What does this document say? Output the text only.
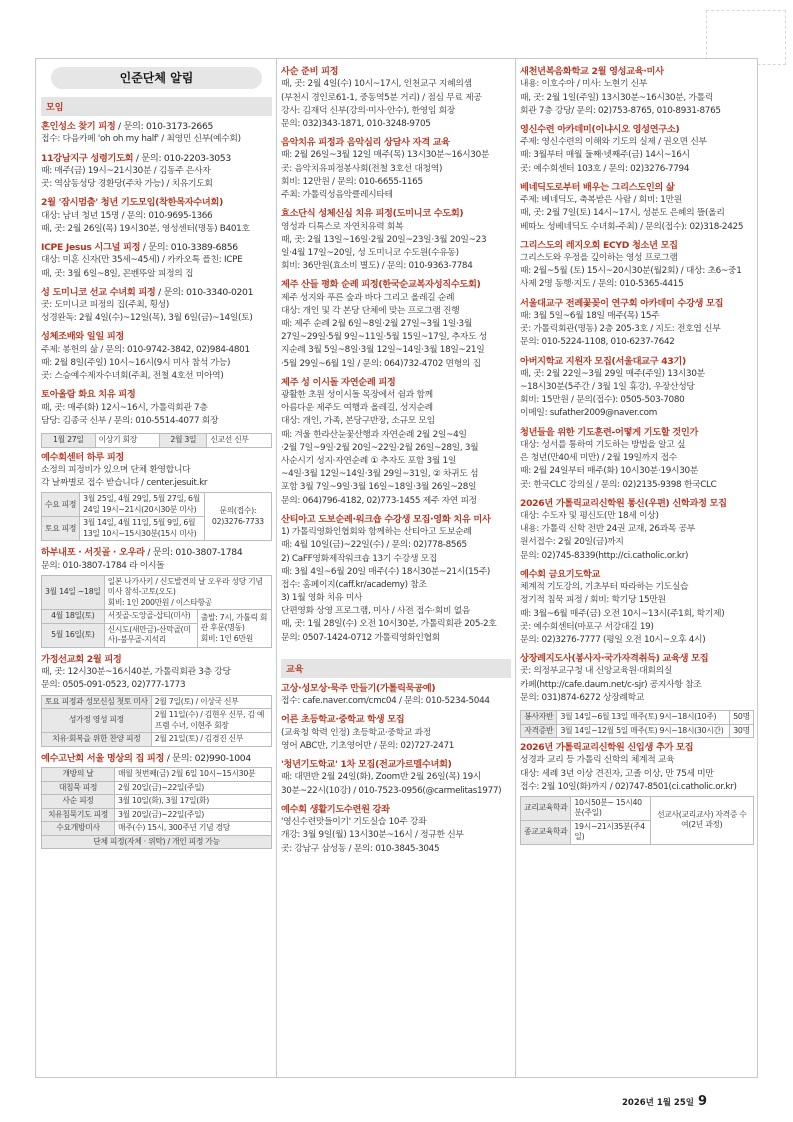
인준단체 알림
모임
혼인성소 찾기 피정 / 문의: 010-3173-2665
접수: 다음카페 'oh oh my half' / 최영민 신부(예수회)
11강남지구 성령기도회 / 문의: 010-2203-3053
때: 매주(금) 19시~21시30분 / 김동주 은사자
곳: 역삼동성당 경환당(주차 가능) / 치유기도회
2월 '잠시멈춤' 청년 기도모임(착한목자수녀회)
대상: 남녀 청년 15명 / 문의: 010-9695-1366
때, 곳: 2월 26일(목) 19시30분, 영성센터(명동) B401호
ICPE Jesus 시그널 피정 / 문의: 010-3389-6856
대상: 미혼 신자(만 35세~45세) / 카카오톡 플친: ICPE
때, 곳: 3월 6일~8일, 꼰벤뚜알 피정의 집
성 도미니코 선교 수녀회 피정 / 문의: 010-3340-0201
곳: 도미니코 피정의 집(주최, 횡성)
성경완독: 2월 4일(수)~12일(목), 3월 6일(금)~14일(토)
성체조배와 일일 피정
주제: 봉헌의 삶 / 문의: 010-9742-3842, 02)984-4801
때: 2월 8일(주일) 10시~16시(9시 미사 참석 가능)
곳: 스승예수제자수녀회(주최, 전철 4호선 미아역)
토아올람 화요 치유 피정
때, 곳: 매주(화) 12시~16시, 가톨릭회관 7층
담당: 김종국 신부 / 문의: 010-5514-4077 회장
1월 27일	이상기 회장	2월 3일	신교선 신부
예수회센터 하루 피정
소정의 피정비가 있으며 단체 환영합니다
각 날짜별로 접수 받습니다 / center.jesuit.kr
수요 피정	3월 25일, 4월 29일, 5월 27일, 6월 24일 19시~21시(20시30분 미사)	문의(접수): 02)3276-7733
토요 피정	3월 14일, 4월 11일, 5월 9일, 6월 13일 10시~15시30분(15시 미사)	
하부내포 · 서짓골 · 오우라 / 문의: 010-3807-1784
문의: 010-3807-1784 라 이시돌
3월 14일 ~18일	일본 나가사키 / 신도발견의 날 오우라 성당 기념미사 참석-고토(오도)
회비: 1인 200만원 / 이스타항공	
4월 18일(토)	서짓골-도앙골-삽티(미사)	출발: 7시, 가톨릭 회관 후문(명동)
회비: 1인 6만원
5월 16일(토)	신시도(새만금)-산막골(미사)-불무골-지석리	
가정선교회 2월 피정
때, 곳: 12시30분~16시40분, 가톨릭회관 3층 강당
문의: 0505-091-0523, 02)777-1773
토요 피정과 성모신심 첫토 미사	2월 7일(토) / 이상국 신부
성가정 영성 피정	2월 11일(수) / 김현우 신부, 김 예프렘 수녀, 이현주 회장
치유·회복을 위한 찬양 피정	2월 21일(토) / 김경진 신부
예수고난회 서울 명상의 집 피정 / 문의: 02)990-1004
개방의 날	매월 첫번째(금) 2월 6일 10시~15시30분
대침묵 피정	2월 20일(금)~22일(주일)
사순 피정	3월 10일(화), 3월 17일(화)
치유침묵기도 피정	3월 20일(금)~22일(주일)
수요개방미사	매주(수) 15시, 300주년 기념 경당
단체 피정(자체 · 위탁) / 개인 피정 가능	
사순 준비 피정
때, 곳: 2월 4일(수) 10시~17시, 인천교구 지혜의샘
(부천시 경인로61-1, 중동역5분 거리) / 점심 무료 제공
강사: 김재덕 신부(강의·미사·안수), 한영임 회장
문의: 032)343-1871, 010-3248-9705
음악치유 피정과 음악심리 상담사 자격 교육
때: 2월 26일~3월 12일 매주(목) 13시30분~16시30분
곳: 음악치유피정봉사회(전철 3호선 대청역)
회비: 12만원 / 문의: 010-6655-1165
주최: 가톨릭성음악클레시타테
효소단식 성체신심 치유 피정(도미니코 수도회)
영성과 디톡스로 자연치유력 회복
때, 곳: 2월 13일~16일·2월 20일~23일·3월 20일~23
일·4월 17일~20일, 성 도미니코 수도원(수유동)
회비: 36만원(효소비 별도) / 문의: 010-9363-7784
제주 산들 평화 순례 피정(한국순교복자성직수도회)
제주 성지와 푸른 숲과 바다 그리고 올레길 순례
대상: 개인 및 각 본당 단체에 맞는 프로그램 진행
때: 제주 순례 2월 6일~8일·2월 27일~3월 1일·3월
27일~29일·5월 9일~11일·5월 15일~17일, 추자도 성
지순례 3월 5일~8일·3월 12일~14일·3월 18일~21일
·5월 29일~6월 1일 / 문의: 064)732-4702 면형의 집
제주 성 이시돌 자연순례 피정
광활한 초원 성이시돌 목장에서 쉼과 함께
아름다운 제주도 여행과 올레길, 성지순례
대상: 개인, 가족, 본당구반장, 소규모 모임
때: 겨울 한라산눈꽃산행과 자연순례 2월 2일~4일
·2월 7일~9일·2월 20일~22일·2월 26일~28일, 3월
사순시기 성지·자연순례 ① 추자도 포함 3월 1일
~4일·3월 12일~14일·3월 29일~31일, ② 차귀도 섬
포함 3월 7일~9일·3월 16일~18일·3월 26일~28일
문의: 064)796-4182, 02)773-1455 제주 자연 피정
산티아고 도보순례·워크숍 수강생 모집·영화 치유 미사
1) 가톨릭영화인협회와 함께하는 산티아고 도보순례
때: 4월 10일(금)~22일(수) / 문의: 02)778-8565
2) CaFF영화제작워크숍 13기 수강생 모집
때: 3월 4일~6월 20일 매주(수) 18시30분~21시(15주)
접수: 홈페이지(caff.kr/academy) 참조
3) 1월 영화 치유 미사
단편영화 상영 프로그램, 미사 / 사전 접수·회비 없음
때, 곳: 1월 28일(수) 오전 10시30분, 가톨릭회관 205-2호
문의: 0507-1424-0712 가톨릭영화인협회
교육
고상·성모상·묵주 만들기(가톨릭묵공예)
접수: cafe.naver.com/cmc04 / 문의: 010-5234-5044
어른 초등학교·중학교 학생 모집
(교육청 학력 인정) 초등학교·중학교 과정
영어 ABC반, 기초영어반 / 문의: 02)727-2471
'청년기도학교' 1차 모집(전교가르멜수녀회)
때: 대면반 2월 24일(화), Zoom반 2월 26일(목) 19시
30분~22시(10강) / 010-7523-0956(@carmelitas1977)
예수회 생활기도수련원 강좌
'영신수련맛들이기' 기도실습 10주 강좌
개강: 3월 9일(월) 13시30분~16시 / 정규한 신부
곳: 강남구 삼성동 / 문의: 010-3845-3045
새천년복음화학교 2월 영성교육·미사
내용: 이호수아 / 미사: 노현기 신부
때, 곳: 2월 1일(주일) 13시30분~16시30분, 가톨릭
회관 7층 강당/ 문의: 02)753-8765, 010-8931-8765
영신수련 아카데미(이냐시오 영성연구소)
주제: 영신수련의 이해와 기도의 실제 / 권오면 신부
때: 3월부터 매월 둘째·넷째주(금) 14시~16시
곳: 예수회센터 103호 / 문의: 02)3276-7794
베네딕도로부터 배우는 그리스도인의 삶
주제: 베네딕도, 축복받은 사람 / 회비: 1만원
때, 곳: 2월 7일(토) 14시~17시, 성분도 은혜의 뜰(올리
베따노 성베네딕도 수녀회-주최) / 문의(접수): 02)318-2425
그리스도의 레지오회 ECYD 청소년 모집
그리스도와 우정을 깊이하는 영성 프로그램
때: 2월~5월 (토) 15시~20시30분(월2회) / 대상: 초6~중1
사제 2명 동행·지도 / 문의: 010-5365-4415
서울대교구 전례꽃꽂이 연구회 아카데미 수강생 모집
때: 3월 5일~6월 18일 매주(목) 15주
곳: 가톨릭회관(명동) 2층 205-3호 / 지도: 전호엽 신부
문의: 010-5224-1108, 010-6237-7642
아버지학교 지원자 모집(서울대교구 43기)
때, 곳: 2월 22일~3월 29일 매주(주일) 13시30분
~18시30분(5주간 / 3월 1일 휴강), 우장산성당
회비: 15만원 / 문의(접수): 0505-503-7080
이메일: sufather2009@naver.com
청년들을 위한 기도훈련-어떻게 기도할 것인가
대상: 성서를 통하여 기도하는 방법을 알고 싶
은 청년(만40세 미만) / 2월 19일까지 접수
때: 2월 24일부터 매주(화) 10시30분·19시30분
곳: 한국CLC 강의실 / 문의: 02)2135-9398 한국CLC
2026년 가톨릭교리신학원 통신(우편) 신학과정 모집
대상: 수도자 및 평신도(만 18세 이상)
내용: 가톨릭 신학 전반 24권 교재, 26과목 공부
원서접수: 2월 20일(금)까지
문의: 02)745-8339(http://ci.catholic.or.kr)
예수회 금요기도학교
체계적 기도강의, 기초부터 따라하는 기도실습
정기적 침묵 피정 / 회비: 학기당 15만원
때: 3월~6월 매주(금) 오전 10시~13시(주1회, 학기제)
곳: 예수회센터(마포구 서강대길 19)
문의: 02)3276-7777 (평일 오전 10시~오후 4시)
상장례지도사(봉사자·국가자격취득) 교육생 모집
곳: 의정부교구청 내 신앙교육원·대회의실
카페(http://cafe.daum.net/c-sjr) 공지사항 참조
문의: 031)874-6272 상장례학교
봉사자반	3월 14일~6월 13일 매주(토) 9시~18시(10주)	50명
자격증반	3월 14일~12월 5일 매주(토) 9시~18시(30시간)	30명
2026년 가톨릭교리신학원 신입생 추가 모집
성경과 교리 등 가톨릭 신학의 체계적 교육
대상: 세례 3년 이상 견진자, 고졸 이상, 만 75세 미만
접수: 2월 10일(화)까지 / 02)747-8501(ci.catholic.or.kr)
교리교육학과	10시50분~ 15시40분(주일)	선교사(교리교사) 자격증 수여(2년 과정)
종교교육학과	19시~21시35분(주4일)	
2026년 1월 25일 9
